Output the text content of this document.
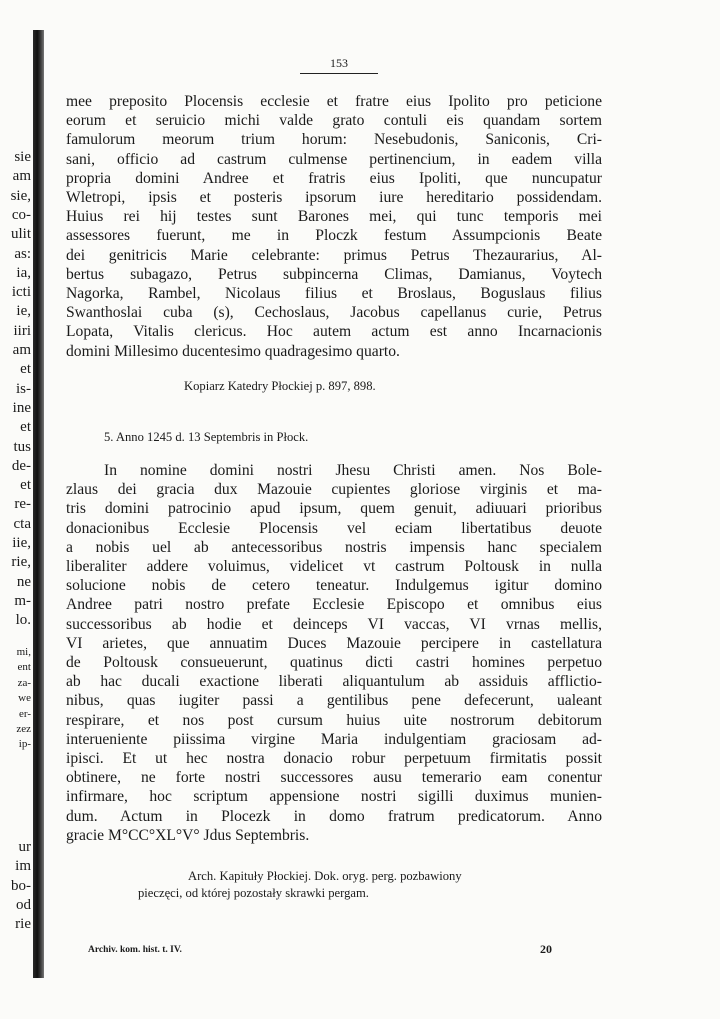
sie
am
sie,
co-
ulit
as:
ia,
icti
ie,
iiri
am
et
is-
ine
et
tus
de-
et
re-
cta
iie,
rie,
ne
m-
lo.
mi,
ent
za-
we
er-
zez
ip-
ur
im
bo-
od
rie
153
mee preposito Plocensis ecclesie et fratre eius Ipolito pro peticione
eorum et seruicio michi valde grato contuli eis quandam sortem
famulorum meorum trium horum: Nesebudonis, Saniconis, Cri-
sani, officio ad castrum culmense pertinencium, in eadem villa
propria domini Andree et fratris eius Ipoliti, que nuncupatur
Wletropi, ipsis et posteris ipsorum iure hereditario possidendam.
Huius rei hij testes sunt Barones mei, qui tunc temporis mei
assessores fuerunt, me in Ploczk festum Assumpcionis Beate
dei genitricis Marie celebrante: primus Petrus Thezaurarius, Al-
bertus subagazo, Petrus subpincerna Climas, Damianus, Voytech
Nagorka, Rambel, Nicolaus filius et Broslaus, Boguslaus filius
Swanthoslai cuba (s), Cechoslaus, Jacobus capellanus curie, Petrus
Lopata, Vitalis clericus. Hoc autem actum est anno Incarnacionis
domini Millesimo ducentesimo quadragesimo quarto.
Kopiarz Katedry Płockiej p. 897, 898.
5. Anno 1245 d. 13 Septembris in Płock.
In nomine domini nostri Jhesu Christi amen. Nos Bole-
zlaus dei gracia dux Mazouie cupientes gloriose virginis et ma-
tris domini patrocinio apud ipsum, quem genuit, adiuuari prioribus
donacionibus Ecclesie Plocensis vel eciam libertatibus deuote
a nobis uel ab antecessoribus nostris impensis hanc specialem
liberaliter addere voluimus, videlicet vt castrum Poltousk in nulla
solucione nobis de cetero teneatur. Indulgemus igitur domino
Andree patri nostro prefate Ecclesie Episcopo et omnibus eius
successoribus ab hodie et deinceps VI vaccas, VI vrnas mellis,
VI arietes, que annuatim Duces Mazouie percipere in castellatura
de Poltousk consueuerunt, quatinus dicti castri homines perpetuo
ab hac ducali exactione liberati aliquantulum ab assiduis afflictio-
nibus, quas iugiter passi a gentilibus pene defecerunt, ualeant
respirare, et nos post cursum huius uite nostrorum debitorum
interueniente piissima virgine Maria indulgentiam graciosam ad-
ipisci. Et ut hec nostra donacio robur perpetuum firmitatis possit
obtinere, ne forte nostri successores ausu temerario eam conentur
infirmare, hoc scriptum appensione nostri sigilli duximus munien-
dum. Actum in Plocezk in domo fratrum predicatorum. Anno
gracie M°CC°XL°V° Jdus Septembris.
Arch. Kapituły Płockiej. Dok. oryg. perg. pozbawiony
pieczęci, od której pozostały skrawki pergam.
Archiv. kom. hist. t. IV.	20
